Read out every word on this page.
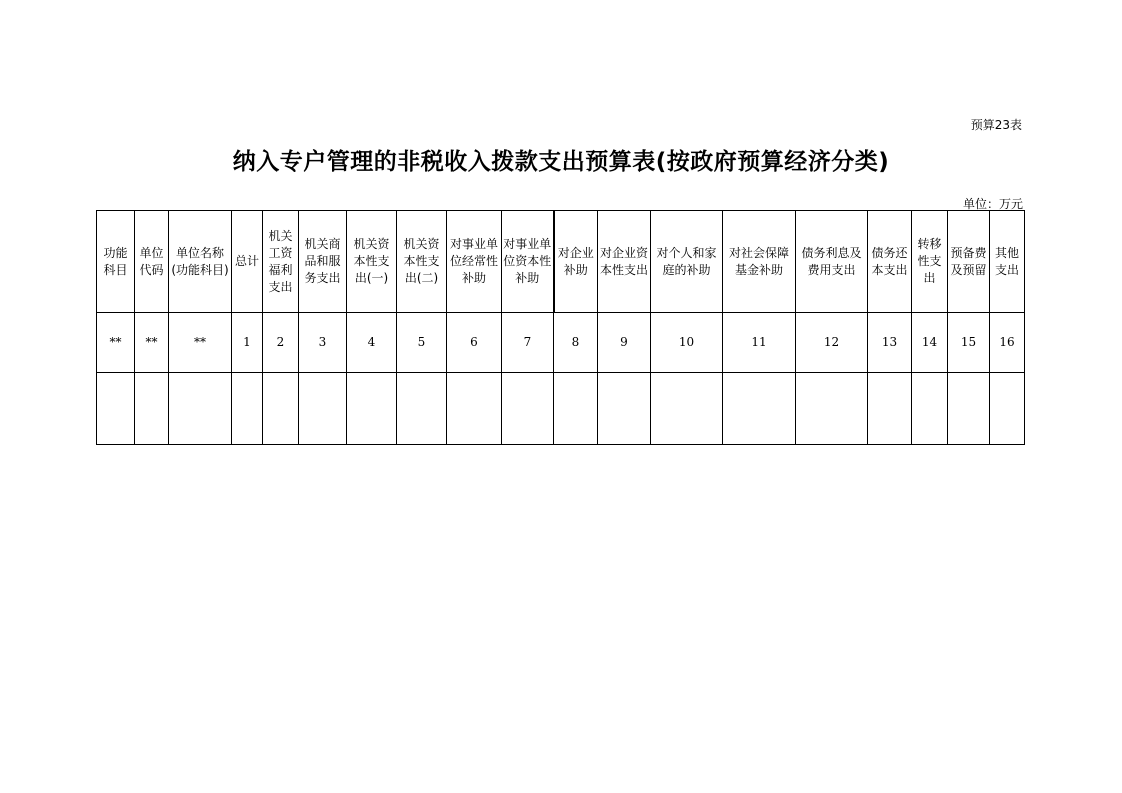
预算23表
纳入专户管理的非税收入拨款支出预算表(按政府预算经济分类)
单位：万元
功能科目	单位代码	单位名称(功能科目)	总计	机关工资福利支出	机关商品和服务支出	机关资本性支出(一)	机关资本性支出(二)	对事业单位经常性补助	对事业单位资本性补助	对企业补助	对企业资本性支出	对个人和家庭的补助	对社会保障基金补助	债务利息及费用支出	债务还本支出	转移性支出	预备费及预留	其他支出
**	**	**	1	2	3	4	5	6	7	8	9	10	11	12	13	14	15	16
